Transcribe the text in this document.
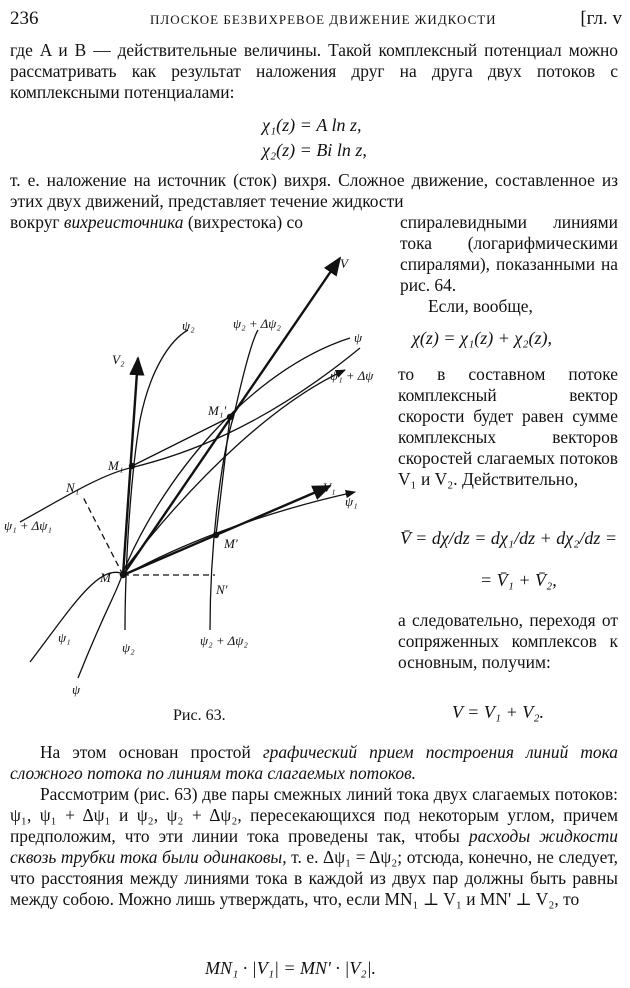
236	ПЛОСКОЕ БЕЗВИХРЕВОЕ ДВИЖЕНИЕ ЖИДКОСТИ	[гл. v

где A и B — действительные величины. Такой комплексный потенциал можно рассматривать как результат наложения друг на друга двух потоков с комплексными потенциалами:

χ₁(z) = A ln z,
χ₂(z) = Bi ln z,

т. е. наложение на источник (сток) вихря. Сложное движение, составленное из этих двух движений, представляет течение жидкости

вокруг вихреисточника (вихрестока) со	спиралевидными линиями тока (логарифмическими спиралями), показанными на рис. 64.

Если, вообще,

χ(z) = χ₁(z) + χ₂(z),

то в составном потоке комплексный вектор скорости будет равен сумме комплексных векторов скоростей слагаемых потоков V₁ и V₂. Действительно,

V̄ = dχ/dz = dχ₁/dz + dχ₂/dz =
= V̄₁ + V̄₂,

а следовательно, переходя от сопряженных комплексов к основным, получим:

V = V₁ + V₂.
V
V₂
V₁
ψ₂	ψ₂ + Δψ₂
ψ
ψ₁ + Δψ
M₁'
M₁
N₁
ψ₁
ψ₁ + Δψ₁
M'
M
N'
ψ₁
ψ₂	ψ₂ + Δψ₂
ψ
Рис. 63.

На этом основан простой графический прием построения линий тока сложного потока по линиям тока слагаемых потоков.

Рассмотрим (рис. 63) две пары смежных линий тока двух слагаемых потоков: ψ₁, ψ₁ + Δψ₁ и ψ₂, ψ₂ + Δψ₂, пересекающихся под некоторым углом, причем предположим, что эти линии тока проведены так, чтобы расходы жидкости сквозь трубки тока были одинаковы, т. е. Δψ₁ = Δψ₂; отсюда, конечно, не следует, что расстояния между линиями тока в каждой из двух пар должны быть равны между собою. Можно лишь утверждать, что, если MN₁ ⊥ V₁ и MN' ⊥ V₂, то

MN₁ · |V₁| = MN' · |V₂|.
